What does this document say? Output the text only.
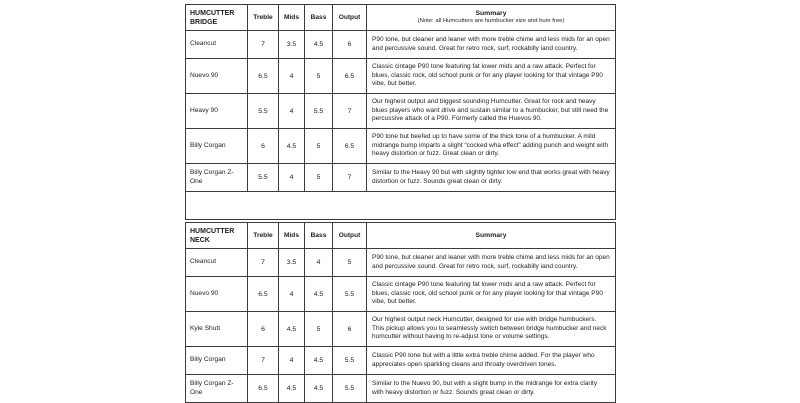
HUMCUTTER BRIDGE	Treble	Mids	Bass	Output	Summary
(Note: all Humcutters are humbucker size and hum free)

Cleancut	7	3.5	4.5	6	P90 tone, but cleaner and leaner with more treble chime and less mids for an open and percussive sound. Great for retro rock, surf, rockabilly iand country.
Nuevo 90	6.5	4	5	6.5	Classic cintage P90 tone featuring fat lower mids and a raw attack. Perfect for blues, classic rock, old school punk or for any player looking for that vintage P90 vibe, but better.
Heavy 90	5.5	4	5.5	7	Our highest output and biggest sounding Humcutter. Great for rock and heavy blues players who want drive and sustain similar to a humbucker, but still need the percussive attack of a P90. Formerly called the Huevos 90.
Billy Corgan	6	4.5	5	6.5	P90 tone but beefed up to have some of the thick tone of a humbucker. A mild midrange bump imparts a slight “cocked wha effect” adding punch and weight with heavy distortion or fuzz. Great clean or dirty.
Billy Corgan Z-One	5.5	4	5	7	Similar to the Heavy 90 but with slightly tighter low end that works great with heavy distortion or fuzz. Sounds great clean or dirty.

HUMCUTTER NECK	Treble	Mids	Bass	Output	Summary
Cleancut	7	3.5	4	5	P90 tone, but cleaner and leaner with more treble chime and less mids for an open and percussive sound. Great for retro rock, surf, rockabilly iand country.
Nuevo 90	6.5	4	4.5	5.5	Classic cintage P90 tone featuring fat lower mids and a raw attack. Perfect for blues, classic rock, old school punk or for any player looking for that vintage P90 vibe, but better.
Kyle Shutt	6	4.5	5	6	Our highest output neck Humcutter, designed for use with bridge humbuckers. This pickup allows you to seamlessly switch between bridge humbucker and neck humcutter without having to re-adjust tone or volume settings.
Billy Corgan	7	4	4.5	5.5	Classic P90 tone but with a little extra treble chime added. For the player who appreciates open sparkling cleans and throaty overdriven tones.
Billy Corgan Z-One	6.5	4.5	4.5	5.5	Similar to the Nuevo 90, but with a slight bump in the midrange for extra clarity with heavy distortion or fuzz. Sounds great clean or dirty.
